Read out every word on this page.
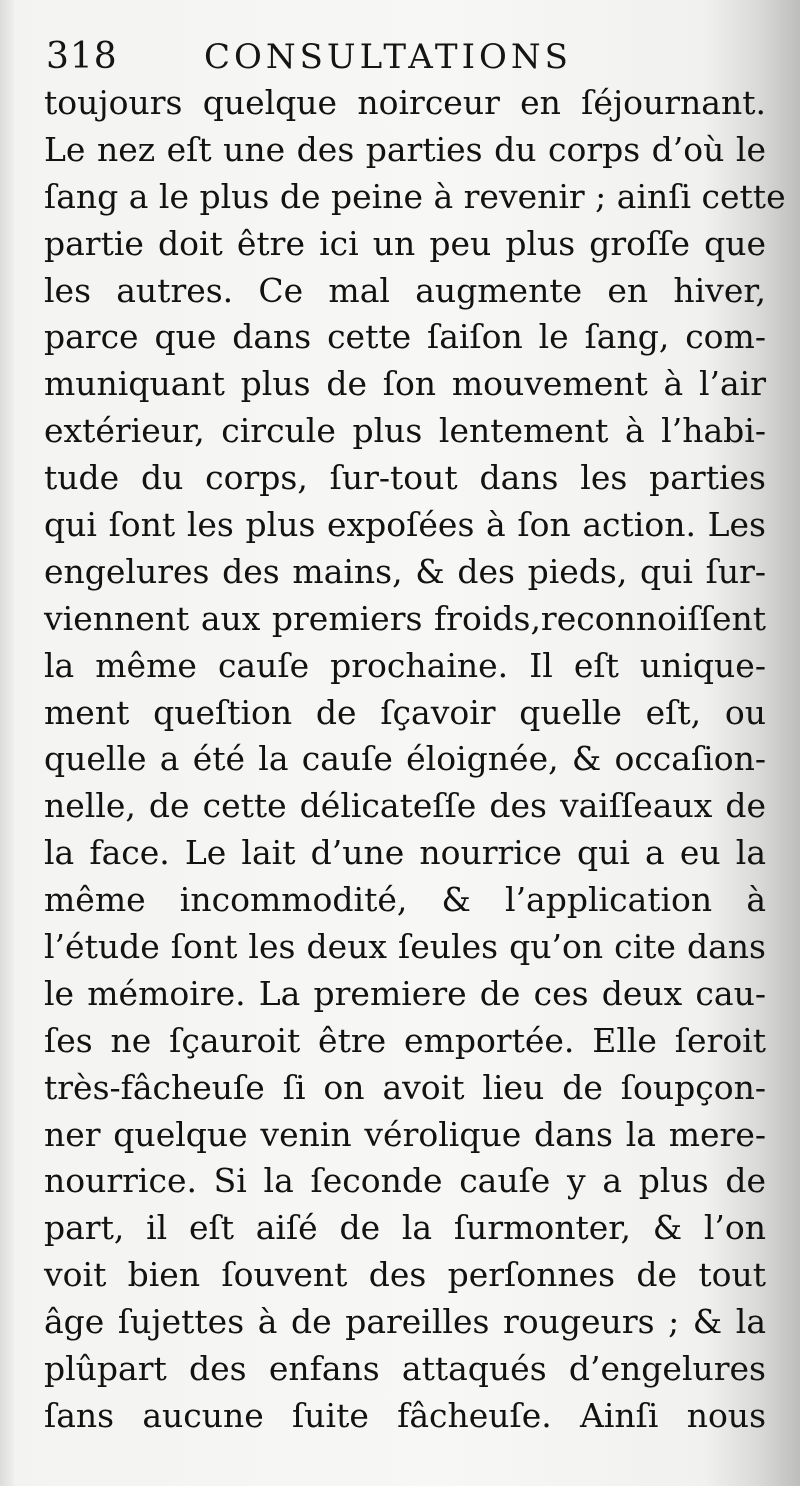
318	CONSULTATIONS
toujours quelque noirceur en ſéjournant.
Le nez eſt une des parties du corps d’où le
ſang a le plus de peine à revenir ; ainſi cette
partie doit être ici un peu plus groſſe que
les autres. Ce mal augmente en hiver,
parce que dans cette ſaiſon le ſang, com-
muniquant plus de ſon mouvement à l’air
extérieur, circule plus lentement à l’habi-
tude du corps, ſur-tout dans les parties
qui ſont les plus expoſées à ſon action. Les
engelures des mains, & des pieds, qui ſur-
viennent aux premiers froids,reconnoiſſent
la même cauſe prochaine. Il eſt unique-
ment queſtion de ſçavoir quelle eſt, ou
quelle a été la cauſe éloignée, & occaſion-
nelle, de cette délicateſſe des vaiſſeaux de
la face. Le lait d’une nourrice qui a eu la
même incommodité, & l’application à
l’étude ſont les deux ſeules qu’on cite dans
le mémoire. La premiere de ces deux cau-
ſes ne ſçauroit être emportée. Elle ſeroit
très-fâcheuſe ſi on avoit lieu de ſoupçon-
ner quelque venin vérolique dans la mere-
nourrice. Si la ſeconde cauſe y a plus de
part, il eſt aiſé de la ſurmonter, & l’on
voit bien ſouvent des perſonnes de tout
âge ſujettes à de pareilles rougeurs ; & la
plûpart des enfans attaqués d’engelures
ſans aucune ſuite fâcheuſe. Ainſi nous
